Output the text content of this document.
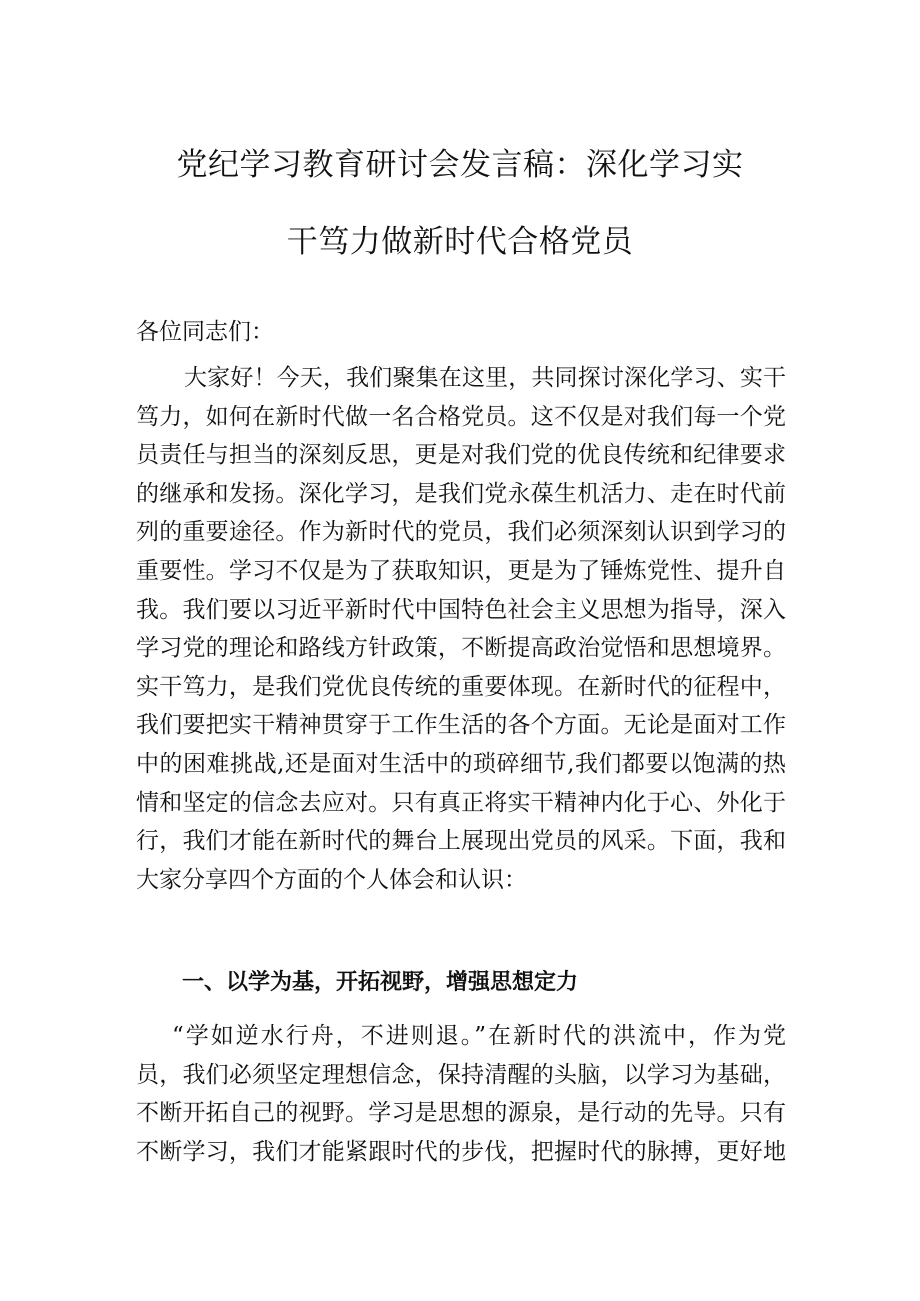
党纪学习教育研讨会发言稿：深化学习实
干笃力做新时代合格党员
各位同志们：
大家好！今天，我们聚集在这里，共同探讨深化学习、实干
笃力，如何在新时代做一名合格党员。这不仅是对我们每一个党
员责任与担当的深刻反思，更是对我们党的优良传统和纪律要求
的继承和发扬。深化学习，是我们党永葆生机活力、走在时代前
列的重要途径。作为新时代的党员，我们必须深刻认识到学习的
重要性。学习不仅是为了获取知识，更是为了锤炼党性、提升自
我。我们要以习近平新时代中国特色社会主义思想为指导，深入
学习党的理论和路线方针政策，不断提高政治觉悟和思想境界。
实干笃力，是我们党优良传统的重要体现。在新时代的征程中，
我们要把实干精神贯穿于工作生活的各个方面。无论是面对工作
中的困难挑战,还是面对生活中的琐碎细节,我们都要以饱满的热
情和坚定的信念去应对。只有真正将实干精神内化于心、外化于
行，我们才能在新时代的舞台上展现出党员的风采。下面，我和
大家分享四个方面的个人体会和认识：
一、以学为基，开拓视野，增强思想定力
“学如逆水行舟，不进则退。”在新时代的洪流中，作为党
员，我们必须坚定理想信念，保持清醒的头脑，以学习为基础，
不断开拓自己的视野。学习是思想的源泉，是行动的先导。只有
不断学习，我们才能紧跟时代的步伐，把握时代的脉搏，更好地
